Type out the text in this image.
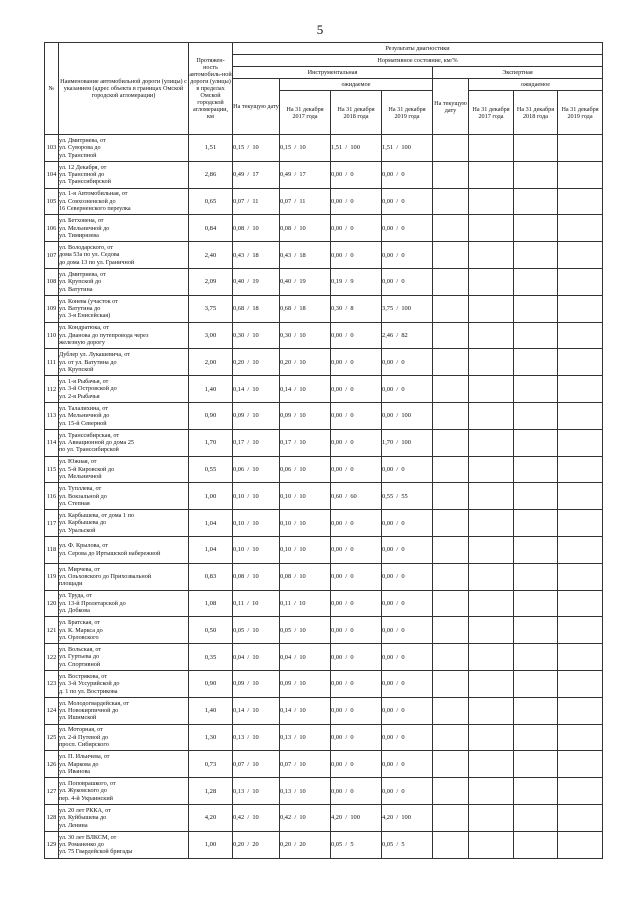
5
№	Наименование автомобильной дороги (улицы) с указанием (адрес объекта в границах Омской городской агломерации)	Протяжен-ность автомобиль-ной дороги (улицы) в пределах Омской городской агломерации, км	Результаты диагностики							
			Нормативное состояние, км/%							
			Инструментальная				Экспертная			
			На текущую дату	ожидаемое			На текущую дату	ожидаемое		
				На 31 декабря 2017 года	На 31 декабря 2018 года	На 31 декабря 2019 года		На 31 декабря 2017 года	На 31 декабря 2018 года	На 31 декабря 2019 года
103	ул. Дмитриева, от
ул. Суворова до
ул. Транспной	1,51	0,15  /  10	0,15  /  10	1,51  /  100	1,51  /  100				
104	ул. 12 Декабря, от
ул. Транспной до
ул. Транссибирской	2,86	0,49  /  17	0,49  /  17	0,00  /  0	0,00  /  0				
105	ул. 1-я Автомобильная, от
ул. Совхозненской до
16 Северненского переулка	0,65	0,07  /  11	0,07  /  11	0,00  /  0	0,00  /  0				
106	ул. Бетховена, от
ул. Мельничной до
ул. Тимирязева	0,84	0,08  /  10	0,08  /  10	0,00  /  0	0,00  /  0				
107	ул. Володарского, от
дома 53а по ул. Седова
до дома 13 по ул. Граничной	2,40	0,43  /  18	0,43  /  18	0,00  /  0	0,00  /  0				
108	ул. Дмитриева, от
ул. Крупской до
ул. Ватутина	2,09	0,40  /  19	0,40  /  19	0,19  /  9	0,00  /  0				
109	ул. Конева (участок от
ул. Ватутина до
ул. 3-я Енисейская)	3,75	0,68  /  18	0,68  /  18	0,30  /  8	3,75  /  100				
110	ул. Кондратюка, от
ул. Дианова до путепровода через
железную дорогу	3,00	0,30  /  10	0,30  /  10	0,00  /  0	2,46  /  82				
111	Дублер ул. Лукашевича, от
ул. от ул. Ватутина до
ул. Крупской	2,00	0,20  /  10	0,20  /  10	0,00  /  0	0,00  /  0				
112	ул. 1-я Рыбачья, от
ул. 3-й Островской до
ул. 2-я Рыбачья	1,40	0,14  /  10	0,14  /  10	0,00  /  0	0,00  /  0				
113	ул. Талалихина, от
ул. Мельничной до
ул. 15-й Северной	0,90	0,09  /  10	0,09  /  10	0,00  /  0	0,00  /  100				
114	ул. Транссибирская, от
ул. Авиационной до дома 25
по ул. Транссибирской	1,70	0,17  /  10	0,17  /  10	0,00  /  0	1,70  /  100				
115	ул. Южная, от
ул. 5-й Кировской до
ул. Мельничной	0,55	0,06  /  10	0,06  /  10	0,00  /  0	0,00  /  0				
116	ул. Тупллева, от
ул. Вокзальной до
ул. Степная	1,00	0,10  /  10	0,10  /  10	0,60  /  60	0,55  /  55				
117	ул. Карбышева, от дома 1 по
ул. Карбышева до
ул. Уральской	1,04	0,10  /  10	0,10  /  10	0,00  /  0	0,00  /  0				
118	ул. Ф. Крылова, от
ул. Серова до Иртышской набережной	1,04	0,10  /  10	0,10  /  10	0,00  /  0	0,00  /  0				
119	ул. Мирчева, от
ул. Ольховского до Прихозвальной
площади	0,83	0,08  /  10	0,08  /  10	0,00  /  0	0,00  /  0				
120	ул. Труда, от
ул. 13-й Пролетарской до
ул. Добкова	1,08	0,11  /  10	0,11  /  10	0,00  /  0	0,00  /  0				
121	ул. Братская, от
ул. К. Маркса до
ул. Орловского	0,50	0,05  /  10	0,05  /  10	0,00  /  0	0,00  /  0				
122	ул. Вольская, от
ул. Гуртьева до
ул. Спортивной	0,35	0,04  /  10	0,04  /  10	0,00  /  0	0,00  /  0				
123	ул. Вострякова, от
ул. 3-й Уссурийской до
д. 1 по ул. Вострикова	0,90	0,09  /  10	0,09  /  10	0,00  /  0	0,00  /  0				
124	ул. Молодогвардейская, от
ул. Новокирпичной до
ул. Ишимской	1,40	0,14  /  10	0,14  /  10	0,00  /  0	0,00  /  0				
125	ул. Моторная, от
ул. 2-й Путевой до
просп. Сибирского	1,30	0,13  /  10	0,13  /  10	0,00  /  0	0,00  /  0				
126	ул. П. Ильичева, от
ул. Маркова до
ул. Иванова	0,73	0,07  /  10	0,07  /  10	0,00  /  0	0,00  /  0				
127	ул. Поповрашкого, от
ул. Жуковского до
пер. 4-й Украинский	1,28	0,13  /  10	0,13  /  10	0,00  /  0	0,00  /  0				
128	ул. 20 лет РККА, от
ул. Куйбышева до
ул. Ленина	4,20	0,42  /  10	0,42  /  10	4,20  /  100	4,20  /  100				
129	ул. 30 лет ВЛКСМ, от
ул. Романенко до
ул. 75 Гвардейской бригады	1,00	0,20  /  20	0,20  /  20	0,05  /  5	0,05  /  5				
